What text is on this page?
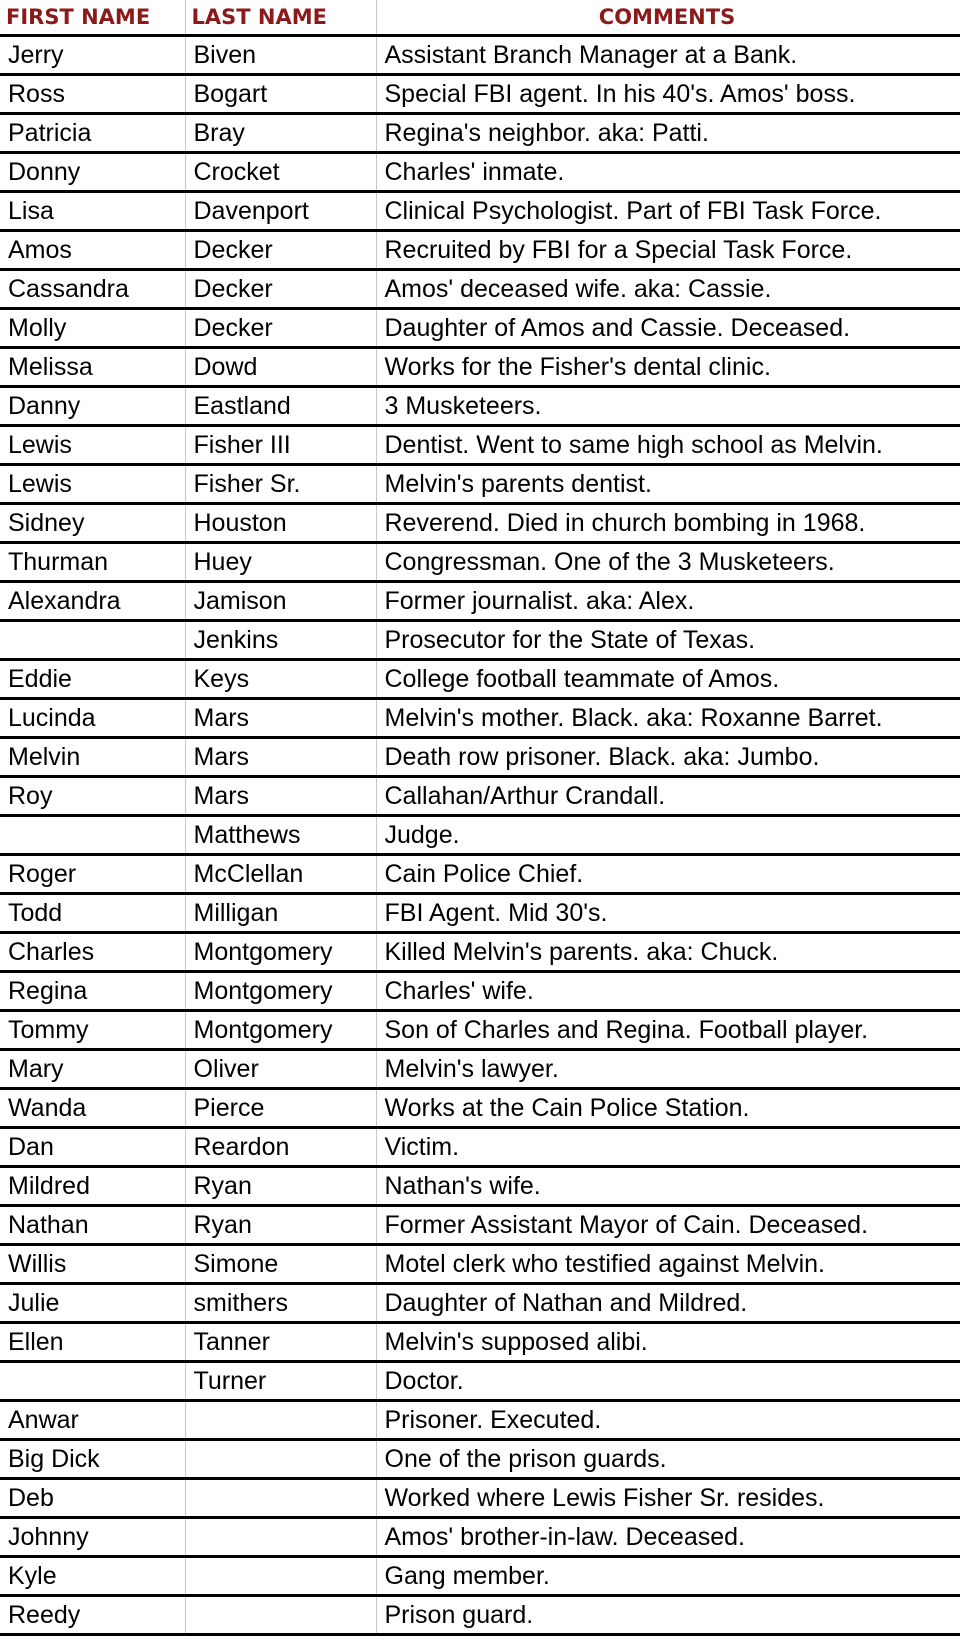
FIRST NAME	LAST NAME	COMMENTS
Jerry	Biven	Assistant Branch Manager at a Bank.
Ross	Bogart	Special FBI agent. In his 40's. Amos' boss.
Patricia	Bray	Regina's neighbor. aka: Patti.
Donny	Crocket	Charles' inmate.
Lisa	Davenport	Clinical Psychologist. Part of FBI Task Force.
Amos	Decker	Recruited by FBI for a Special Task Force.
Cassandra	Decker	Amos' deceased wife. aka: Cassie.
Molly	Decker	Daughter of Amos and Cassie. Deceased.
Melissa	Dowd	Works for the Fisher's dental clinic.
Danny	Eastland	3 Musketeers.
Lewis	Fisher III	Dentist. Went to same high school as Melvin.
Lewis	Fisher Sr.	Melvin's parents dentist.
Sidney	Houston	Reverend. Died in church bombing in 1968.
Thurman	Huey	Congressman. One of the 3 Musketeers.
Alexandra	Jamison	Former journalist. aka: Alex.
	Jenkins	Prosecutor for the State of Texas.
Eddie	Keys	College football teammate of Amos.
Lucinda	Mars	Melvin's mother. Black. aka: Roxanne Barret.
Melvin	Mars	Death row prisoner. Black. aka: Jumbo.
Roy	Mars	Callahan/Arthur Crandall.
	Matthews	Judge.
Roger	McClellan	Cain Police Chief.
Todd	Milligan	FBI Agent. Mid 30's.
Charles	Montgomery	Killed Melvin's parents. aka: Chuck.
Regina	Montgomery	Charles' wife.
Tommy	Montgomery	Son of Charles and Regina. Football player.
Mary	Oliver	Melvin's lawyer.
Wanda	Pierce	Works at the Cain Police Station.
Dan	Reardon	Victim.
Mildred	Ryan	Nathan's wife.
Nathan	Ryan	Former Assistant Mayor of Cain. Deceased.
Willis	Simone	Motel clerk who testified against Melvin.
Julie	smithers	Daughter of Nathan and Mildred.
Ellen	Tanner	Melvin's supposed alibi.
	Turner	Doctor.
Anwar		Prisoner. Executed.
Big Dick		One of the prison guards.
Deb		Worked where Lewis Fisher Sr. resides.
Johnny		Amos' brother-in-law. Deceased.
Kyle		Gang member.
Reedy		Prison guard.
